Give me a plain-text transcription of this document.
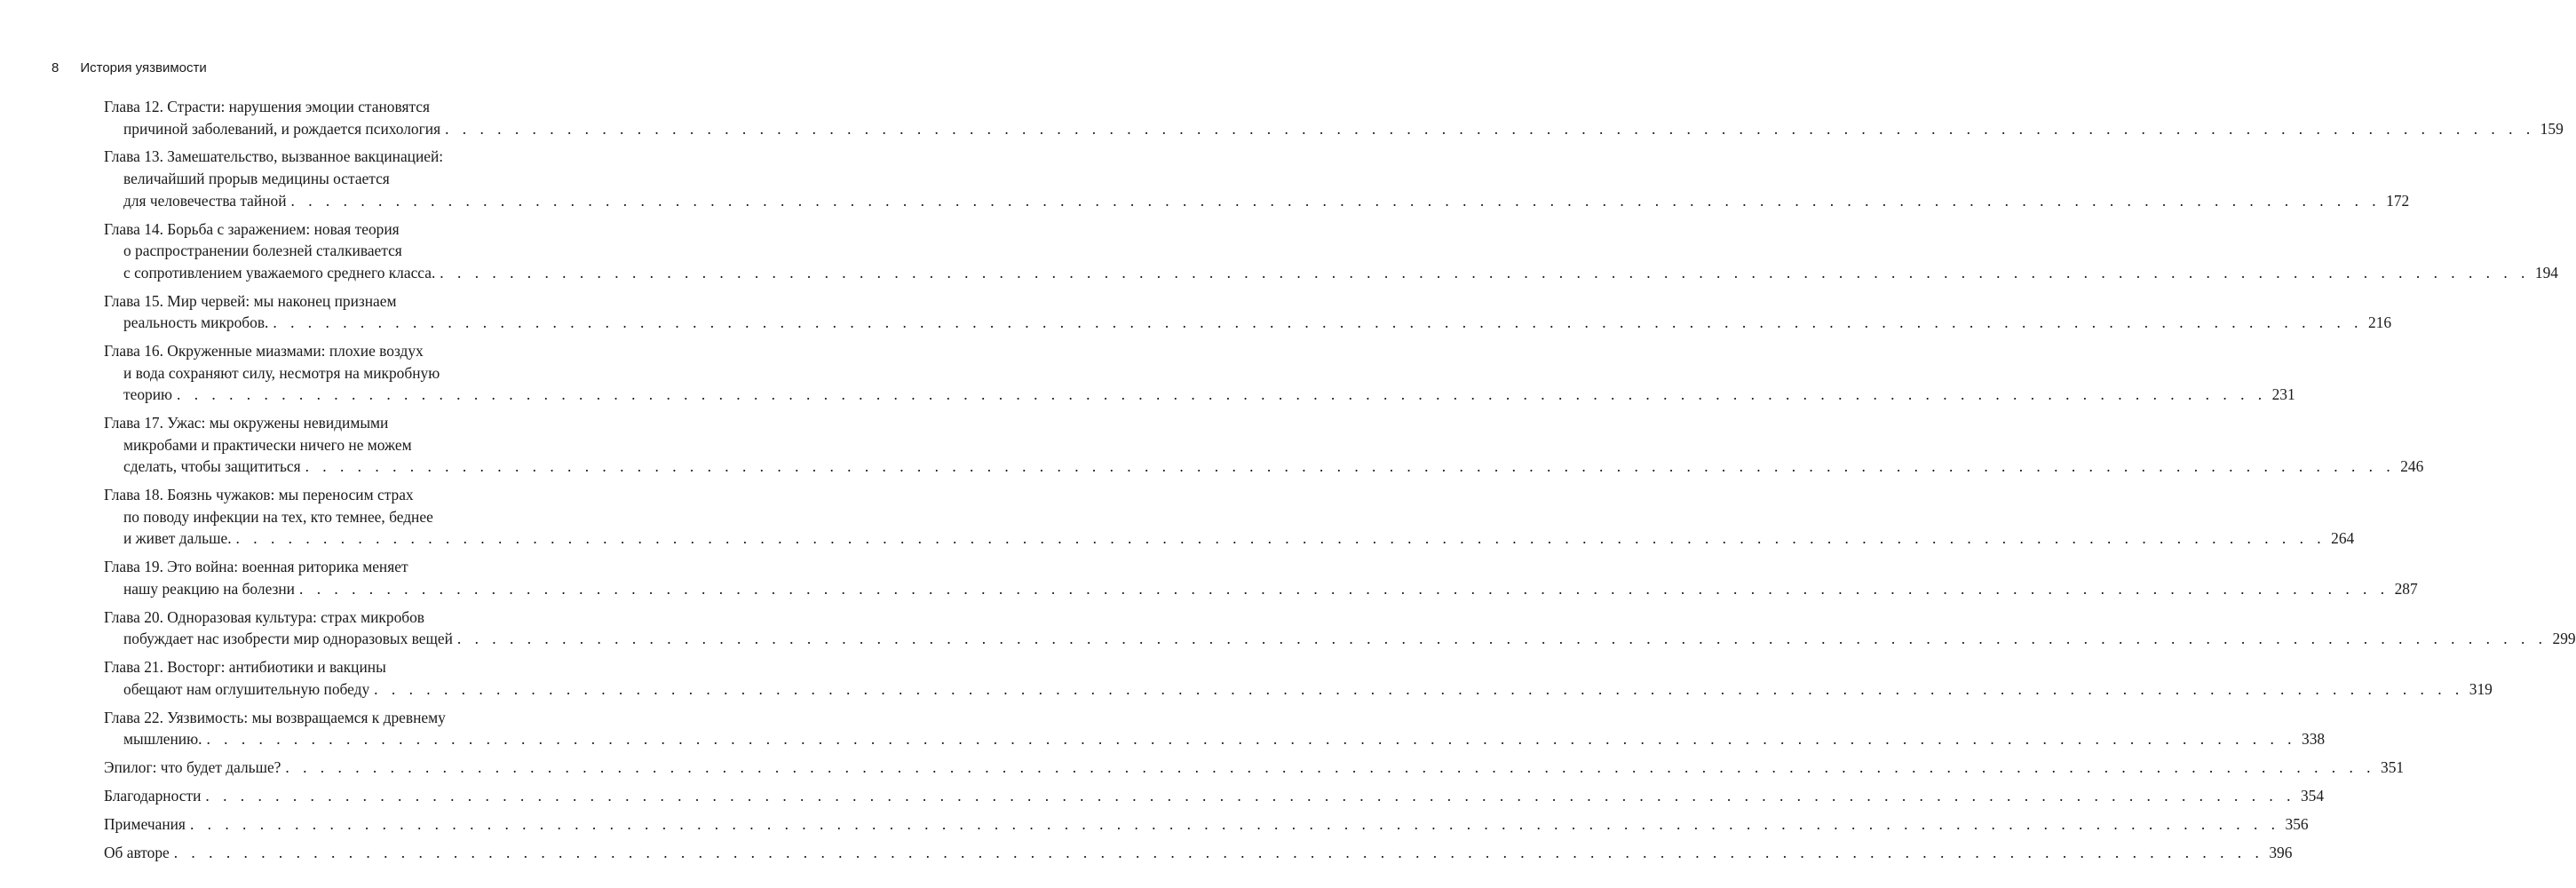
8 История уязвимости
Глава 12. Страсти: нарушения эмоции становятся
причиной заболеваний, и рождается психология . . . . . . . . . . . . . . . . . . . . . . . . . . . . . . . . . . . . . . . . . . . . . . . . . . . . . . . . . . . . . . . . . . . . . . . . . . . . . . . . . . . . . . . . . . . . . . . . . . . . . . . . . . . . . . . . . . . . . . . . 159
Глава 13. Замешательство, вызванное вакцинацией:
величайший прорыв медицины остается
для человечества тайной . . . . . . . . . . . . . . . . . . . . . . . . . . . . . . . . . . . . . . . . . . . . . . . . . . . . . . . . . . . . . . . . . . . . . . . . . . . . . . . . . . . . . . . . . . . . . . . . . . . . . . . . . . . . . . . . . . . . . . . . 172
Глава 14. Борьба с заражением: новая теория
о распространении болезней сталкивается
с сопротивлением уважаемого среднего класса. . . . . . . . . . . . . . . . . . . . . . . . . . . . . . . . . . . . . . . . . . . . . . . . . . . . . . . . . . . . . . . . . . . . . . . . . . . . . . . . . . . . . . . . . . . . . . . . . . . . . . . . . . . . . . . . . . . . . . . . . 194
Глава 15. Мир червей: мы наконец признаем
реальность микробов. . . . . . . . . . . . . . . . . . . . . . . . . . . . . . . . . . . . . . . . . . . . . . . . . . . . . . . . . . . . . . . . . . . . . . . . . . . . . . . . . . . . . . . . . . . . . . . . . . . . . . . . . . . . . . . . . . . . . . . . . 216
Глава 16. Окруженные миазмами: плохие воздух
и вода сохраняют силу, несмотря на микробную
теорию . . . . . . . . . . . . . . . . . . . . . . . . . . . . . . . . . . . . . . . . . . . . . . . . . . . . . . . . . . . . . . . . . . . . . . . . . . . . . . . . . . . . . . . . . . . . . . . . . . . . . . . . . . . . . . . . . . . . . . . . 231
Глава 17. Ужас: мы окружены невидимыми
микробами и практически ничего не можем
сделать, чтобы защититься . . . . . . . . . . . . . . . . . . . . . . . . . . . . . . . . . . . . . . . . . . . . . . . . . . . . . . . . . . . . . . . . . . . . . . . . . . . . . . . . . . . . . . . . . . . . . . . . . . . . . . . . . . . . . . . . . . . . . . . . 246
Глава 18. Боязнь чужаков: мы переносим страх
по поводу инфекции на тех, кто темнее, беднее
и живет дальше. . . . . . . . . . . . . . . . . . . . . . . . . . . . . . . . . . . . . . . . . . . . . . . . . . . . . . . . . . . . . . . . . . . . . . . . . . . . . . . . . . . . . . . . . . . . . . . . . . . . . . . . . . . . . . . . . . . . . . . . . 264
Глава 19. Это война: военная риторика меняет
нашу реакцию на болезни . . . . . . . . . . . . . . . . . . . . . . . . . . . . . . . . . . . . . . . . . . . . . . . . . . . . . . . . . . . . . . . . . . . . . . . . . . . . . . . . . . . . . . . . . . . . . . . . . . . . . . . . . . . . . . . . . . . . . . . . 287
Глава 20. Одноразовая культура: страх микробов
побуждает нас изобрести мир одноразовых вещей . . . . . . . . . . . . . . . . . . . . . . . . . . . . . . . . . . . . . . . . . . . . . . . . . . . . . . . . . . . . . . . . . . . . . . . . . . . . . . . . . . . . . . . . . . . . . . . . . . . . . . . . . . . . . . . . . . . . . . . . 299
Глава 21. Восторг: антибиотики и вакцины
обещают нам оглушительную победу . . . . . . . . . . . . . . . . . . . . . . . . . . . . . . . . . . . . . . . . . . . . . . . . . . . . . . . . . . . . . . . . . . . . . . . . . . . . . . . . . . . . . . . . . . . . . . . . . . . . . . . . . . . . . . . . . . . . . . . . 319
Глава 22. Уязвимость: мы возвращаемся к древнему
мышлению. . . . . . . . . . . . . . . . . . . . . . . . . . . . . . . . . . . . . . . . . . . . . . . . . . . . . . . . . . . . . . . . . . . . . . . . . . . . . . . . . . . . . . . . . . . . . . . . . . . . . . . . . . . . . . . . . . . . . . . . . 338
Эпилог: что будет дальше? . . . . . . . . . . . . . . . . . . . . . . . . . . . . . . . . . . . . . . . . . . . . . . . . . . . . . . . . . . . . . . . . . . . . . . . . . . . . . . . . . . . . . . . . . . . . . . . . . . . . . . . . . . . . . . . . . . . . . . . . 351
Благодарности . . . . . . . . . . . . . . . . . . . . . . . . . . . . . . . . . . . . . . . . . . . . . . . . . . . . . . . . . . . . . . . . . . . . . . . . . . . . . . . . . . . . . . . . . . . . . . . . . . . . . . . . . . . . . . . . . . . . . . . . 354
Примечания . . . . . . . . . . . . . . . . . . . . . . . . . . . . . . . . . . . . . . . . . . . . . . . . . . . . . . . . . . . . . . . . . . . . . . . . . . . . . . . . . . . . . . . . . . . . . . . . . . . . . . . . . . . . . . . . . . . . . . . . 356
Об авторе . . . . . . . . . . . . . . . . . . . . . . . . . . . . . . . . . . . . . . . . . . . . . . . . . . . . . . . . . . . . . . . . . . . . . . . . . . . . . . . . . . . . . . . . . . . . . . . . . . . . . . . . . . . . . . . . . . . . . . . . 396
